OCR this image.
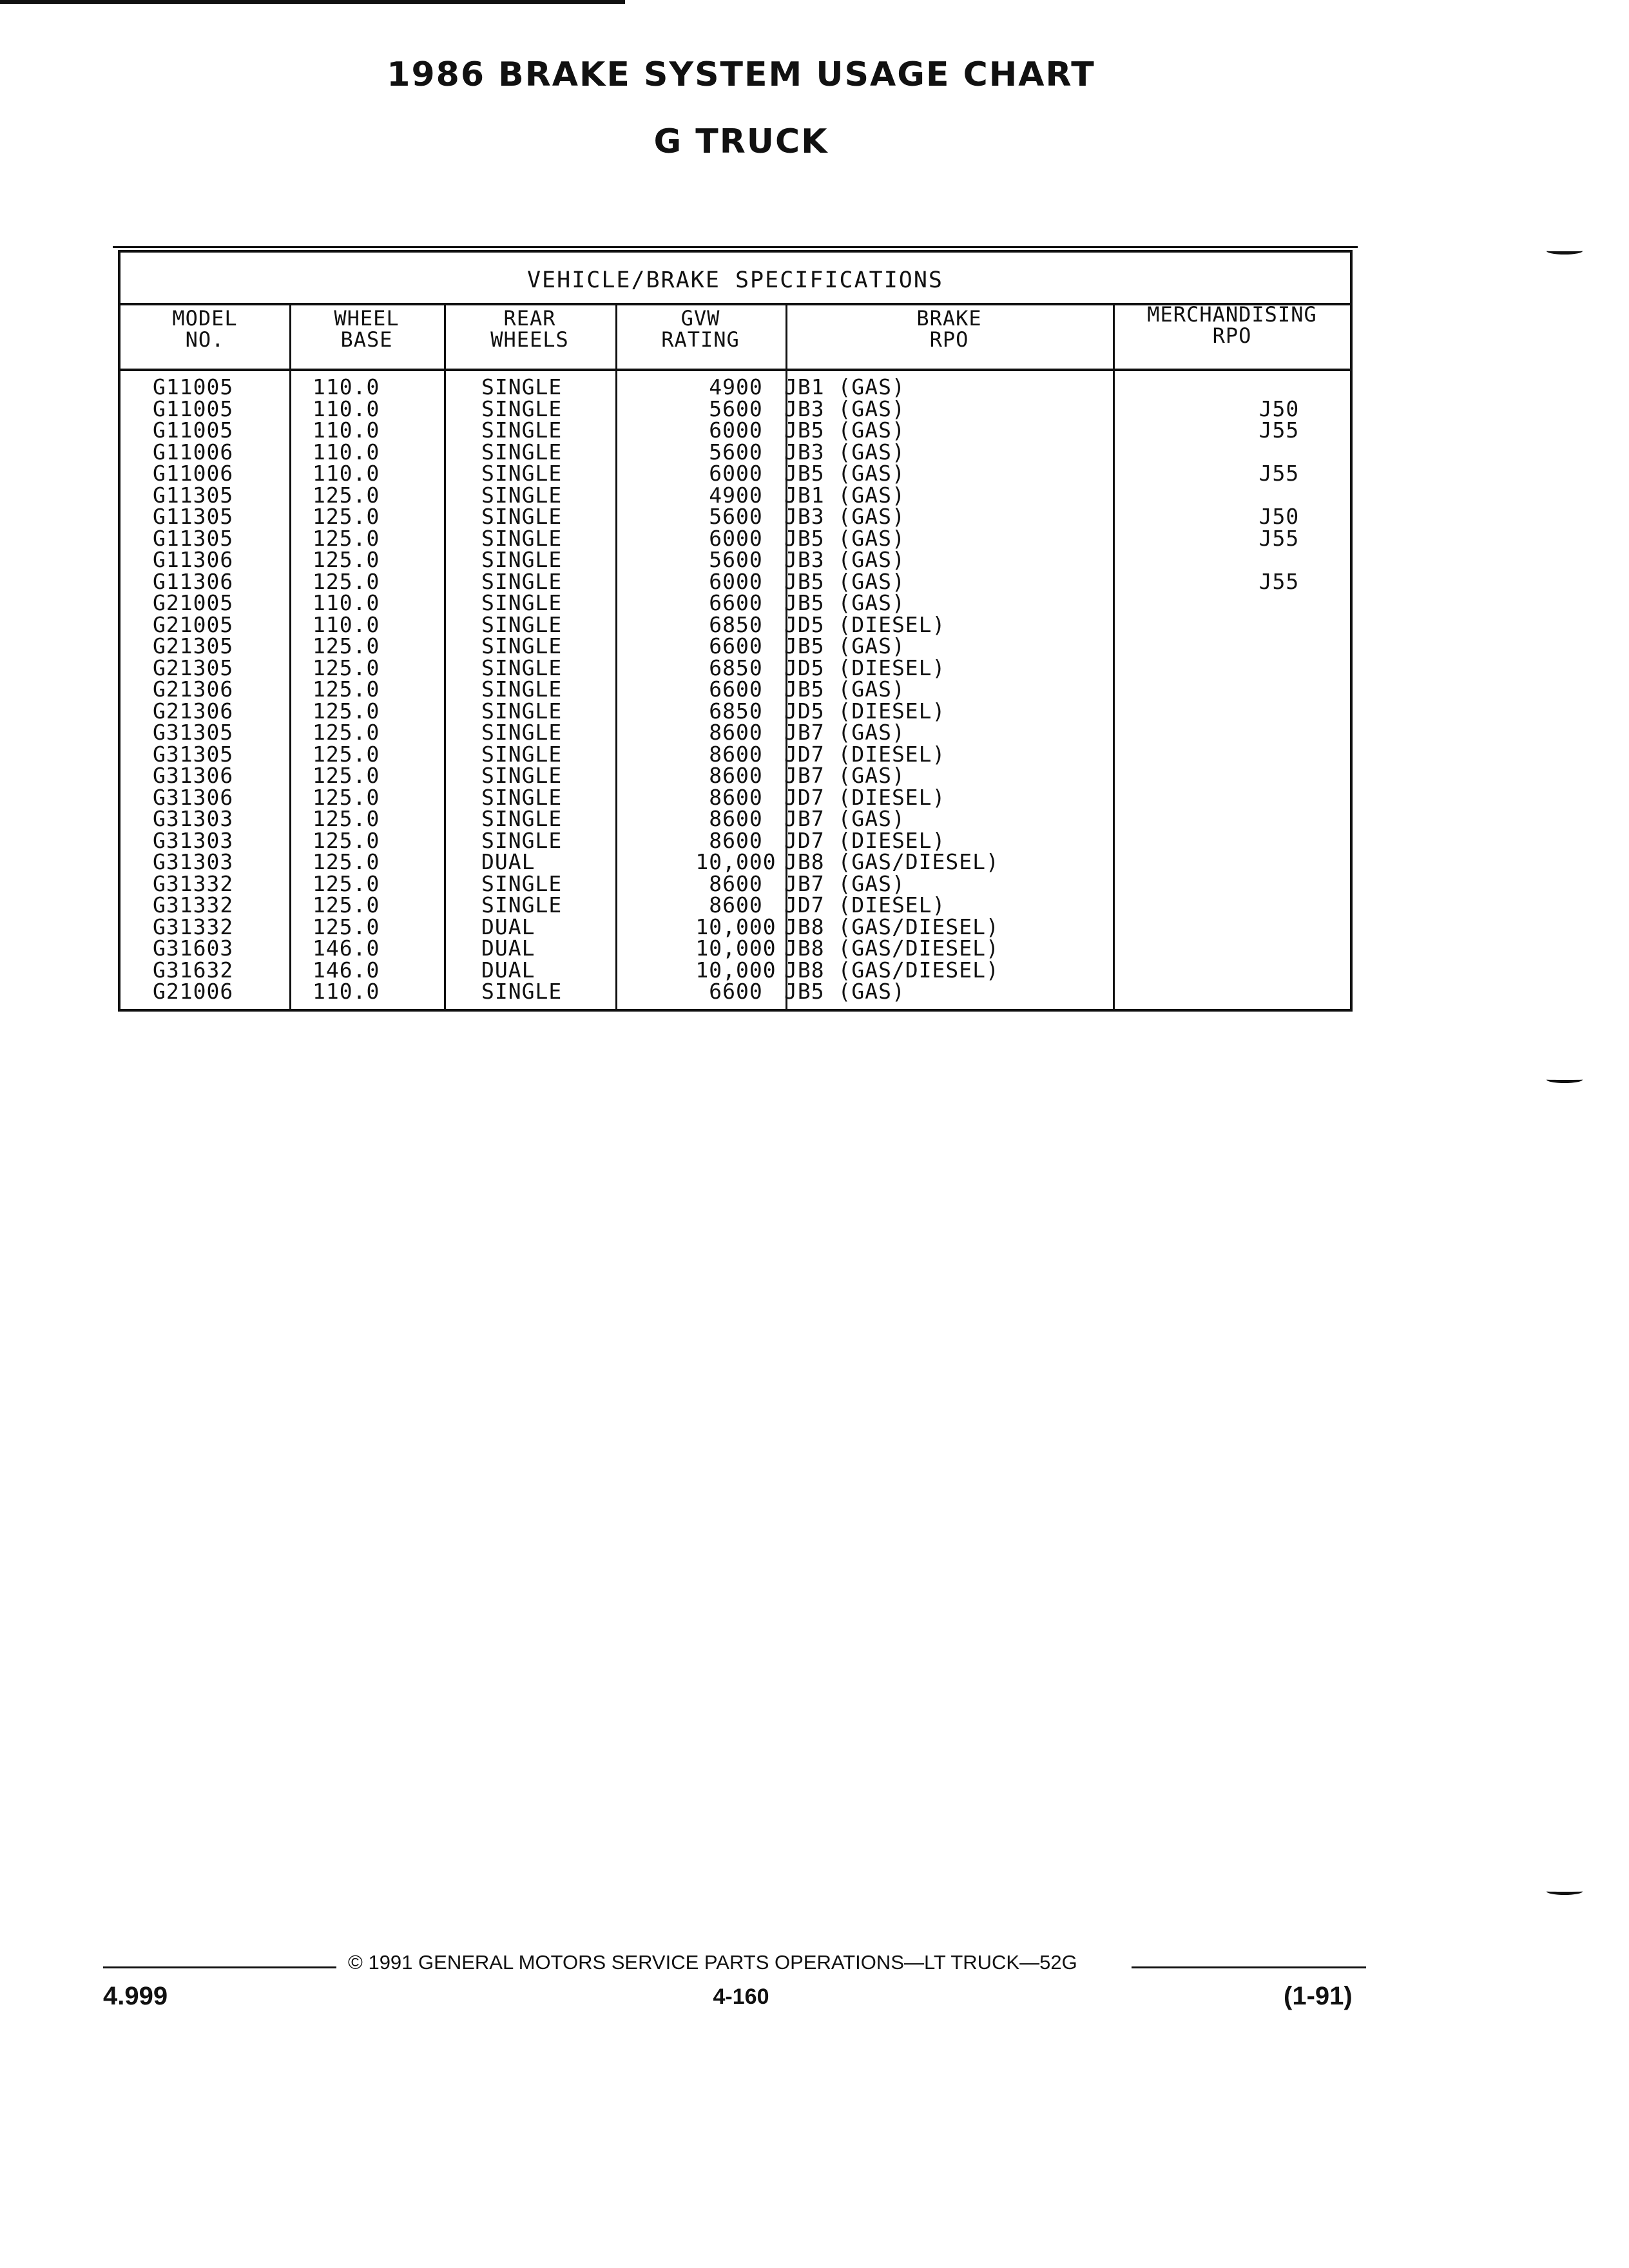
1986 BRAKE SYSTEM USAGE CHART
G TRUCK
VEHICLE/BRAKE SPECIFICATIONS
MODEL
NO.
WHEEL
BASE
REAR
WHEELS
GVW
RATING
BRAKE
RPO
MERCHANDISING
RPO
G11005
G11005
G11005
G11006
G11006
G11305
G11305
G11305
G11306
G11306
G21005
G21005
G21305
G21305
G21306
G21306
G31305
G31305
G31306
G31306
G31303
G31303
G31303
G31332
G31332
G31332
G31603
G31632
G21006
110.0
110.0
110.0
110.0
110.0
125.0
125.0
125.0
125.0
125.0
110.0
110.0
125.0
125.0
125.0
125.0
125.0
125.0
125.0
125.0
125.0
125.0
125.0
125.0
125.0
125.0
146.0
146.0
110.0
SINGLE
SINGLE
SINGLE
SINGLE
SINGLE
SINGLE
SINGLE
SINGLE
SINGLE
SINGLE
SINGLE
SINGLE
SINGLE
SINGLE
SINGLE
SINGLE
SINGLE
SINGLE
SINGLE
SINGLE
SINGLE
SINGLE
DUAL
SINGLE
SINGLE
DUAL
DUAL
DUAL
SINGLE
4900
5600
6000
5600
6000
4900
5600
6000
5600
6000
6600
6850
6600
6850
6600
6850
8600
8600
8600
8600
8600
8600
10,000
8600
8600
10,000
10,000
10,000
6600
JB1 (GAS)
JB3 (GAS)
JB5 (GAS)
JB3 (GAS)
JB5 (GAS)
JB1 (GAS)
JB3 (GAS)
JB5 (GAS)
JB3 (GAS)
JB5 (GAS)
JB5 (GAS)
JD5 (DIESEL)
JB5 (GAS)
JD5 (DIESEL)
JB5 (GAS)
JD5 (DIESEL)
JB7 (GAS)
JD7 (DIESEL)
JB7 (GAS)
JD7 (DIESEL)
JB7 (GAS)
JD7 (DIESEL)
JB8 (GAS/DIESEL)
JB7 (GAS)
JD7 (DIESEL)
JB8 (GAS/DIESEL)
JB8 (GAS/DIESEL)
JB8 (GAS/DIESEL)
JB5 (GAS)
J50
J55
J55
J50
J55
J55
© 1991 GENERAL MOTORS SERVICE PARTS OPERATIONS—LT TRUCK—52G
4.999	4-160	(1-91)
